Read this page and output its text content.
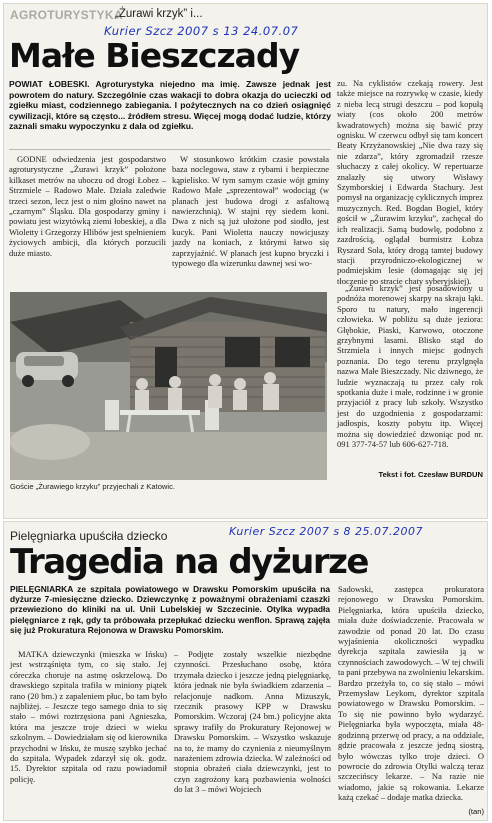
AGROTURYSTYKA
„Żurawi krzyk” i...
Kurier Szcz 2007 s 13 24.07.07
Małe Bieszczady
POWIAT ŁOBESKI. Agroturystyka niejedno ma imię. Zawsze jednak jest powrotem do natury. Szczególnie czas wakacji to dobra okazja do ucieczki od zgiełku miast, codziennego zabiegania. I pożytecznych na co dzień osiągnięć cywilizacji, które są często... źródłem stresu. Więcej mogą dodać ludzie, którzy zaznali smaku wypoczynku z dala od zgiełku.

GODNE odwiedzenia jest gospodarstwo agroturystyczne „Żurawi krzyk” położone kilkaset metrów na uboczu od drogi Łobez – Strzmiele – Radowo Małe. Działa zaledwie trzeci sezon, lecz jest o nim głośno nawet na „czarnym” Śląsku. Dla gospodarzy gminy i powiatu jest wizytówką ziemi łobeskiej, a dla Wioletty i Grzegorzy Hlibów jest spełnieniem życiowych ambicji, dla których porzucili duże miasto.

W stosunkowo krótkim czasie powstała baza noclegowa, staw z rybami i bezpieczne kąpielisko. W tym samym czasie wójt gminy Radowo Małe „sprezentował” wodociąg (w planach jest budowa drogi z asfaltową nawierzchnią). W stajni ręy siedem koni. Dwa z nich są już ułożone pod siodło, jest kucyk. Pani Wioletta nauczy nowicjuszy jazdy na koniach, z którymi łatwo się zaprzyjaźnić. W planach jest kupno bryczki i typowego dla wizerunku dawnej wsi wo-

zu. Na cyklistów czekają rowery. Jest także miejsce na rozrywkę w czasie, kiedy z nieba lecą strugi deszczu – pod kopułą wiaty (cos około 200 metrów kwadratowych) można się bawić przy ognisku. W czerwcu odbył się tam koncert Beaty Krzyżanowskiej „Nie dwa razy się nie zdarza”, który zgromadził rzesze słuchaczy z całej okolicy. W repertuarze znalazły się utwory Wisławy Szymborskiej i Edwarda Stachury. Jest pomysł na organizację cyklicznych imprez muzycznych. Red. Bogdan Bogiel, który gościł w „Żurawim krzyku”, zachęcał do ich realizacji. Samą budowlę, podobno z zazdrością, oglądał burmistrz Łobza Ryszard Sola, który drogą tamtej budowy stacji przyrodniczo-ekologicznej w podmiejskim lesie (domagając się jej tłoczenie po stracie chaty syberyjskiej).

„Żurawi krzyk” jest posadowiony u podnóża morenowej skarpy na skraju łąki. Sporo tu natury, mało ingerencji człowieka. W pobliżu są duże jeziora: Głębokie, Piaski, Karwowo, otoczone grzybnymi lasami. Blisko stąd do Strzmiela i innych miejsc godnych poznania. Do tego terenu przylgnęła nazwa Małe Bieszczady. Nic dziwnego, że ludzie wyznaczają tu przez cały rok spotkania duże i małe, rodzinne i w gronie przyjaciół z pracy lub szkoły. Wszystko jest do uzgodnienia z gospodarzami: jadłospis, koszty pobytu itp. Więcej można się dowiedzieć dzwoniąc pod nr. 091 377-74-57 lub 606-627-718.

Goście „Żurawiego krzyku” przyjechali z Katowic.
Tekst i fot. Czesław BURDUN
Pielęgniarka upuściła dziecko	Kurier Szcz 2007 s 8 25.07.2007
Tragedia na dyżurze
PIELĘGNIARKA ze szpitala powiatowego w Drawsku Pomorskim upuściła na dyżurze 7-miesięczne dziecko. Dziewczynkę z poważnymi obrażeniami czaszki przewieziono do kliniki na ul. Unii Lubelskiej w Szczecinie. Otylka wypadła pielęgniarce z rąk, gdy ta próbowała przepłukać dziecku wenflon. Sprawą zajęła się już Prokuratura Rejonowa w Drawsku Pomorskim.

MATKA dziewczynki (mieszka w Ińsku) jest wstrząśnięta tym, co się stało. Jej córeczka choruje na astmę oskrzelową. Do drawskiego szpitala trafiła w miniony piątek rano (20 bm.) z zapaleniem płuc, bo tam było najbliżej. – Jeszcze tego samego dnia to się stało – mówi roztrzęsiona pani Agnieszka, która ma jeszcze troje dzieci w wieku szkolnym. – Dowiedziałam się od kierownika przychodni w Ińsku, że muszę szybko jechać do szpitala. Wypadek zdarzył się ok. godz. 15. Dyrektor szpitala od razu powiadomił policję.

– Podjęte zostały wszelkie niezbędne czynności. Przesłuchano osobę, która trzymała dziecko i jeszcze jedną pielęgniarkę, która jednak nie była świadkiem zdarzenia – relacjonuje nadkom. Anna Mizuszyk, rzecznik prasowy KPP w Drawsku Pomorskim. Wczoraj (24 bm.) policyjne akta sprawy trafiły do Prokuratury Rejonowej w Drawsku Pomorskim. – Wszystko wskazuje na to, że mamy do czynienia z nieumyślnym narażeniem zdrowia dziecka. W zależności od stopnia obrażeń ciała dziewczynki, jest to czyn zagrożony karą pozbawienia wolności do lat 3 – mówi Wojciech

Sadowski, zastępca prokuratora rejonowego w Drawsku Pomorskim. Pielęgniarka, która upuściła dziecko, miała duże doświadczenie. Pracowała w zawodzie od ponad 20 lat. Do czasu wyjaśnienia okoliczności wypadku dyrekcja szpitala zawiesiła ją w czynnościach zawodowych. – W tej chwili ta pani przebywa na zwolnieniu lekarskim. Bardzo przeżyła to, co się stało – mówi Przemysław Leykom, dyrektor szpitala powiatowego w Drawsku Pomorskim. – To się nie powinno było wydarzyć. Pielęgniarka była wypoczęta, miała 48-godzinną przerwę od pracy, a na oddziale, gdzie pracowała z jeszcze jedną siostrą, było wówczas tylko troje dzieci. O powrocie do zdrowia Otylki walczą teraz szczecińscy lekarze. – Na razie nie wiadomo, jakie są rokowania. Lekarze każą czekać – dodaje matka dziecka.

(tan)
